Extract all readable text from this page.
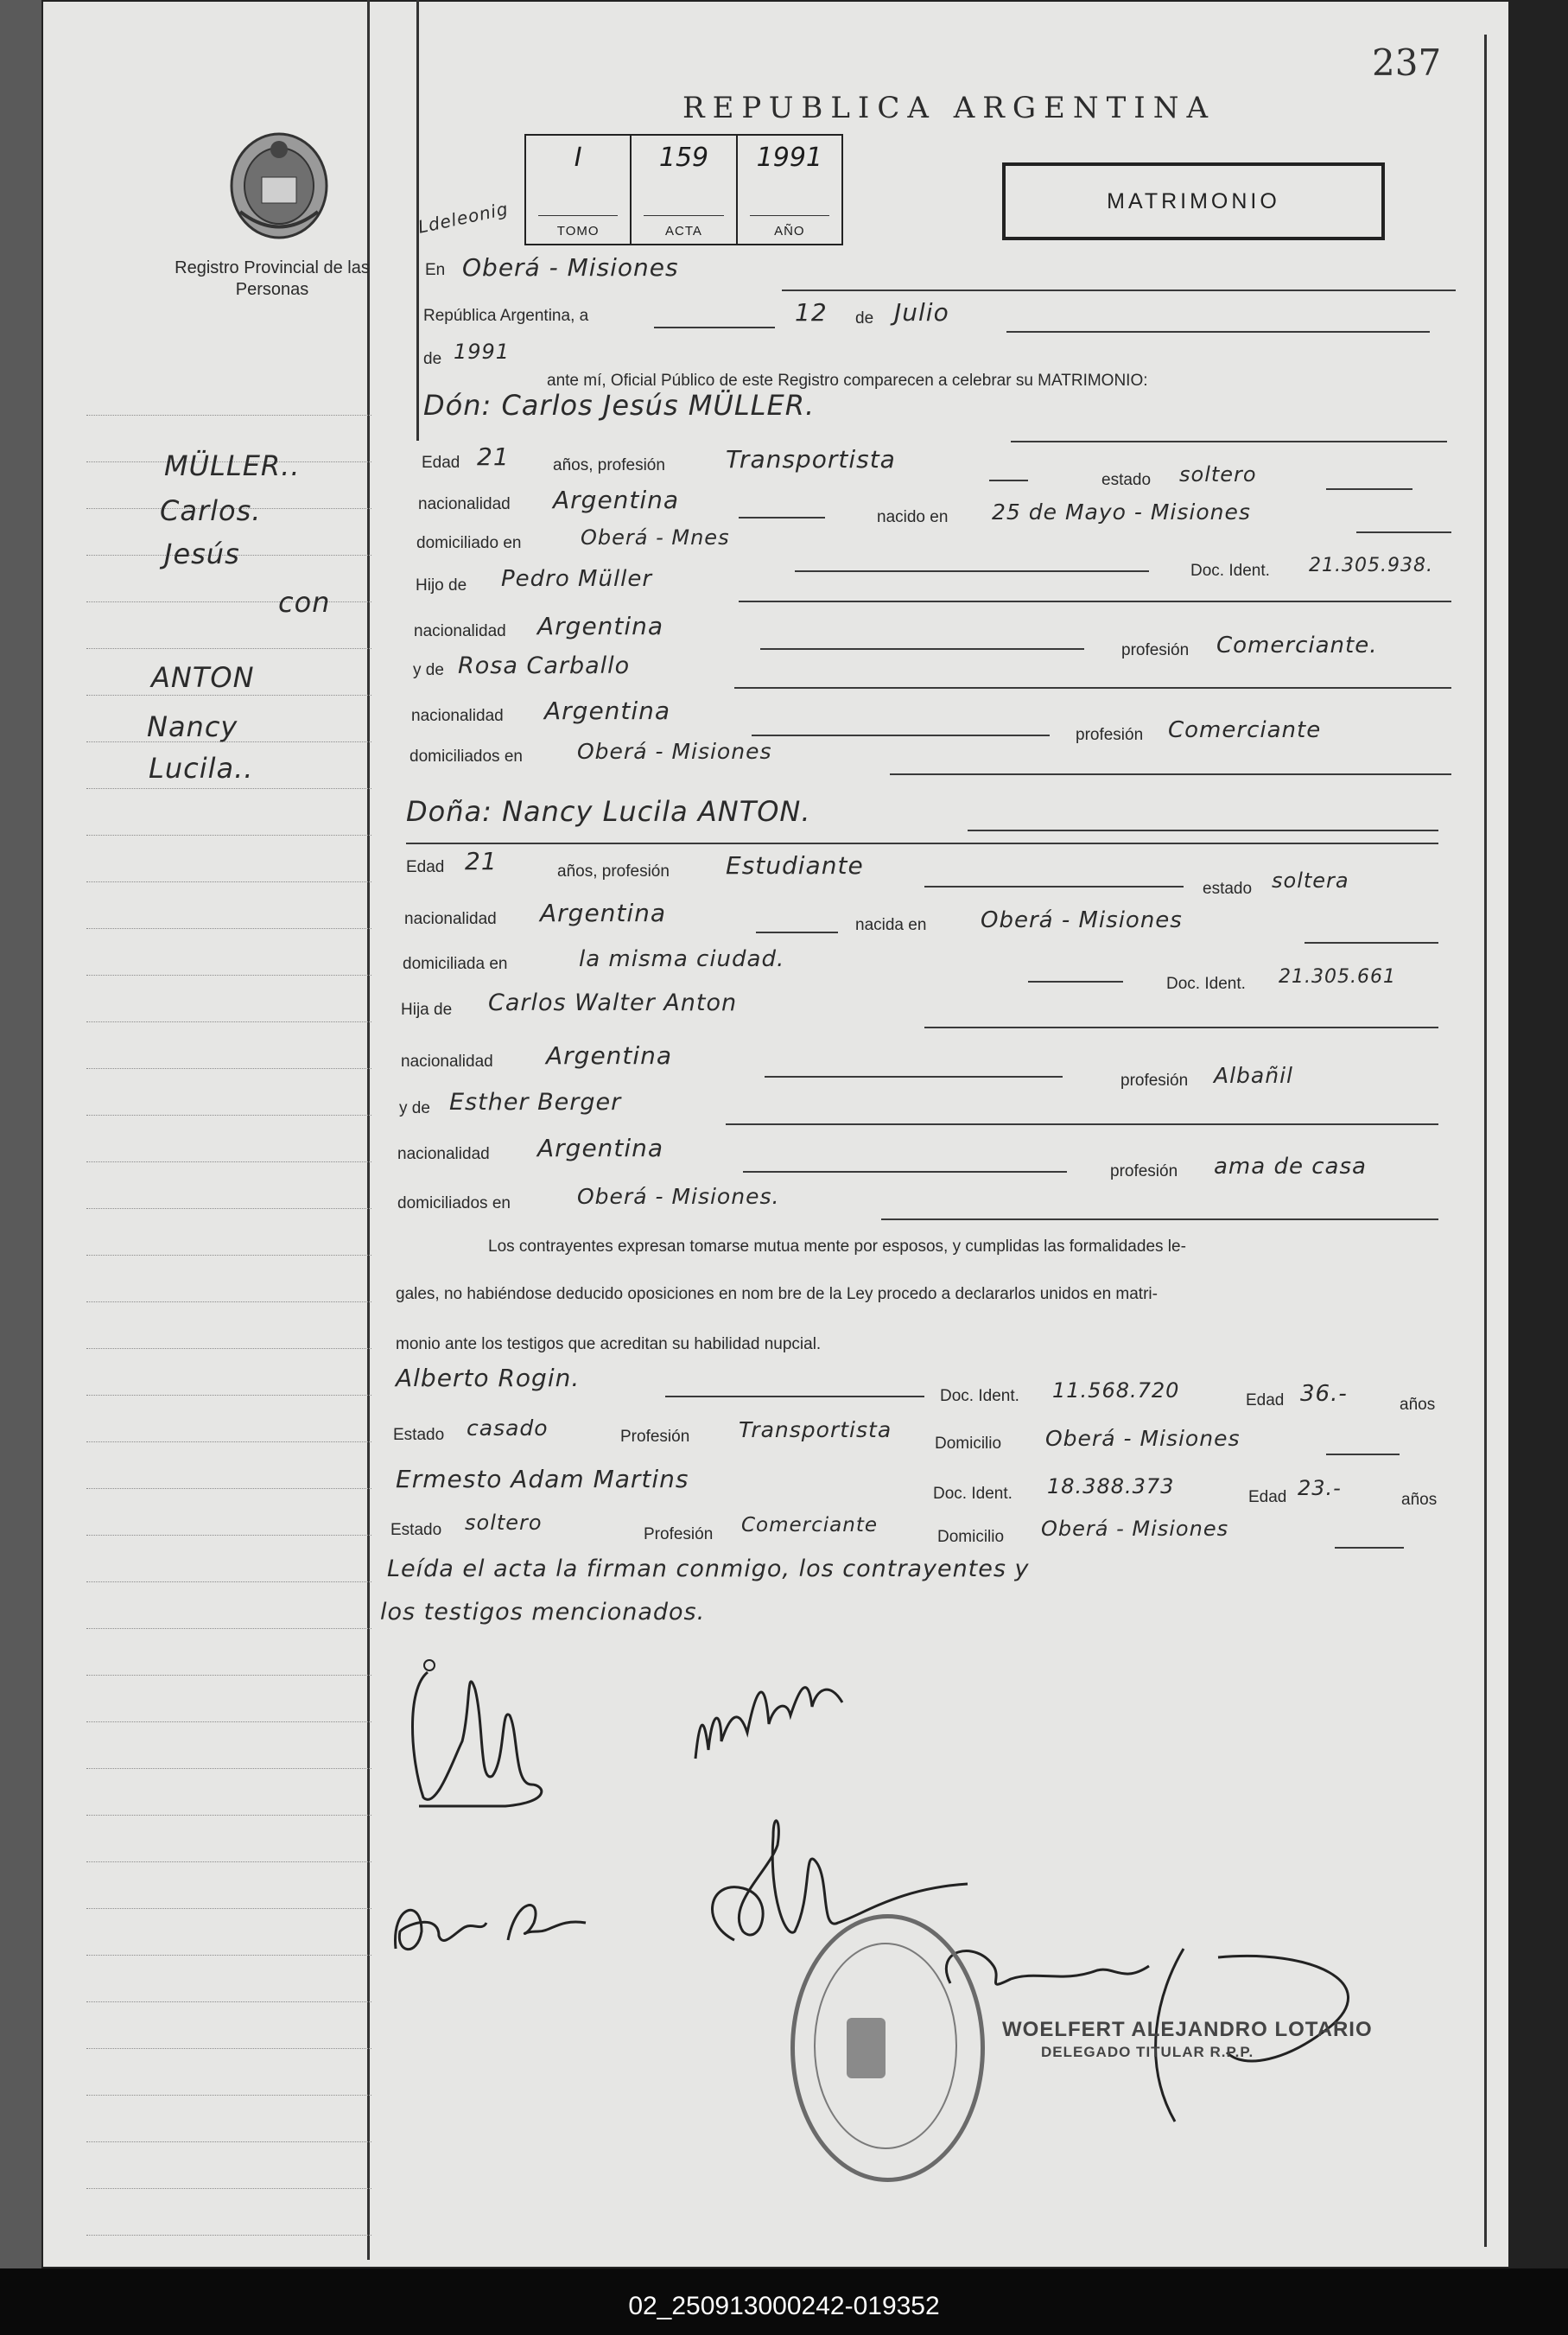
237
REPUBLICA ARGENTINA
Registro Provincial de las Personas
I
TOMO
159
ACTA
1991
AÑO
Ldeleonig	MATRIMONIO
MÜLLER..
Carlos.
Jesús
con
ANTON
Nancy
Lucila..
En Oberá - Misiones
República Argentina, a	12 de Julio
de 1991
ante mí, Oficial Público de este Registro comparecen a celebrar su MATRIMONIO:
Dón: Carlos Jesús MÜLLER.
Edad 21	años, profesión	Transportista
estado soltero
nacionalidad Argentina
nacido en 25 de Mayo - Misiones
domiciliado en	Oberá - Mnes
Doc. Ident. 21.305.938.
Hijo de Pedro Müller
nacionalidad Argentina
profesión Comerciante.
y de Rosa Carballo
nacionalidad Argentina
profesión Comerciante
domiciliados en	Oberá - Misiones
Doña: Nancy Lucila ANTON.
Edad 21	años, profesión Estudiante
estado soltera
nacionalidad Argentina	nacida en Oberá - Misiones
domiciliada en	la misma ciudad.
Doc. Ident. 21.305.661
Hija de Carlos Walter Anton
nacionalidad Argentina
profesión Albañil
y de Esther Berger
nacionalidad Argentina
profesión ama de casa
domiciliados en	Oberá - Misiones.
Los contrayentes expresan tomarse mutua mente por esposos, y cumplidas las formalidades le-
gales, no habiéndose deducido oposiciones en nom bre de la Ley procedo a declararlos unidos en matri-
monio ante los testigos que acreditan su habilidad nupcial.
Alberto Rogin.
Doc. Ident. 11.568.720	Edad 36.-	años
Estado casado	Profesión Transportista
Domicilio Oberá - Misiones
Ermesto Adam Martins
Doc. Ident. 18.388.373	Edad 23.-	años
Estado soltero	Profesión Comerciante
Domicilio Oberá - Misiones
Leída el acta la firman conmigo, los contrayentes y
los testigos mencionados.
WOELFERT ALEJANDRO LOTARIO
DELEGADO TITULAR R.P.P.
02_250913000242-019352
